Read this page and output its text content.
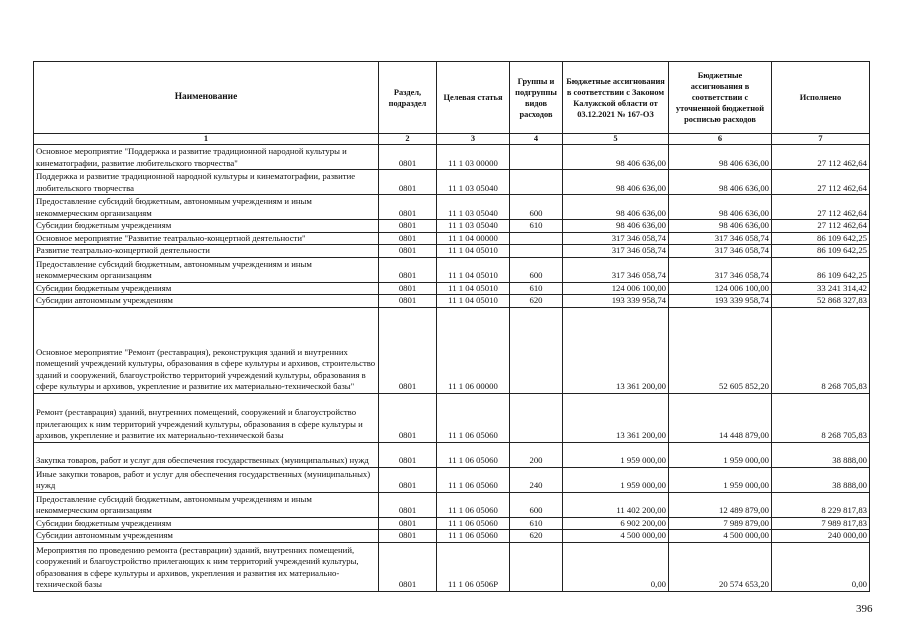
Наименование	Раздел, подраздел	Целевая статья	Группы и подгруппы видов расходов	Бюджетные ассигнования в соответствии с Законом Калужской области от 03.12.2021 № 167-ОЗ	Бюджетные ассигнования в соответствии с уточненной бюджетной росписью расходов	Исполнено
1	2	3	4	5	6	7
Основное мероприятие "Поддержка и развитие традиционной народной культуры и кинематографии, развитие любительского творчества"	0801	11 1 03 00000		98 406 636,00	98 406 636,00	27 112 462,64
Поддержка и развитие традиционной народной культуры и кинематографии, развитие любительского творчества	0801	11 1 03 05040		98 406 636,00	98 406 636,00	27 112 462,64
Предоставление субсидий бюджетным, автономным учреждениям и иным некоммерческим организациям	0801	11 1 03 05040	600	98 406 636,00	98 406 636,00	27 112 462,64
Субсидии бюджетным учреждениям	0801	11 1 03 05040	610	98 406 636,00	98 406 636,00	27 112 462,64
Основное мероприятие "Развитие театрально-концертной деятельности"	0801	11 1 04 00000		317 346 058,74	317 346 058,74	86 109 642,25
Развитие театрально-концертной деятельности	0801	11 1 04 05010		317 346 058,74	317 346 058,74	86 109 642,25
Предоставление субсидий бюджетным, автономным учреждениям и иным некоммерческим организациям	0801	11 1 04 05010	600	317 346 058,74	317 346 058,74	86 109 642,25
Субсидии бюджетным учреждениям	0801	11 1 04 05010	610	124 006 100,00	124 006 100,00	33 241 314,42
Субсидии автономным учреждениям	0801	11 1 04 05010	620	193 339 958,74	193 339 958,74	52 868 327,83
Основное мероприятие "Ремонт (реставрация), реконструкция зданий и внутренних помещений учреждений культуры, образования в сфере культуры и архивов, строительство зданий и сооружений, благоустройство территорий учреждений культуры, образования в сфере культуры и архивов, укрепление и развитие их материально-технической базы"	0801	11 1 06 00000		13 361 200,00	52 605 852,20	8 268 705,83
Ремонт (реставрация) зданий, внутренних помещений, сооружений и благоустройство прилегающих к ним территорий учреждений культуры, образования в сфере культуры и архивов, укрепление и развитие их материально-технической базы	0801	11 1 06 05060		13 361 200,00	14 448 879,00	8 268 705,83
Закупка товаров, работ и услуг для обеспечения государственных (муниципальных) нужд	0801	11 1 06 05060	200	1 959 000,00	1 959 000,00	38 888,00
Иные закупки товаров, работ и услуг для обеспечения государственных (муниципальных) нужд	0801	11 1 06 05060	240	1 959 000,00	1 959 000,00	38 888,00
Предоставление субсидий бюджетным, автономным учреждениям и иным некоммерческим организациям	0801	11 1 06 05060	600	11 402 200,00	12 489 879,00	8 229 817,83
Субсидии бюджетным учреждениям	0801	11 1 06 05060	610	6 902 200,00	7 989 879,00	7 989 817,83
Субсидии автономным учреждениям	0801	11 1 06 05060	620	4 500 000,00	4 500 000,00	240 000,00
Мероприятия по проведению ремонта (реставрации) зданий, внутренних помещений, сооружений и благоустройство прилегающих к ним территорий учреждений культуры, образования в сфере культуры и архивов, укрепления и развития их материально-технической базы	0801	11 1 06 0506Р		0,00	20 574 653,20	0,00
396
